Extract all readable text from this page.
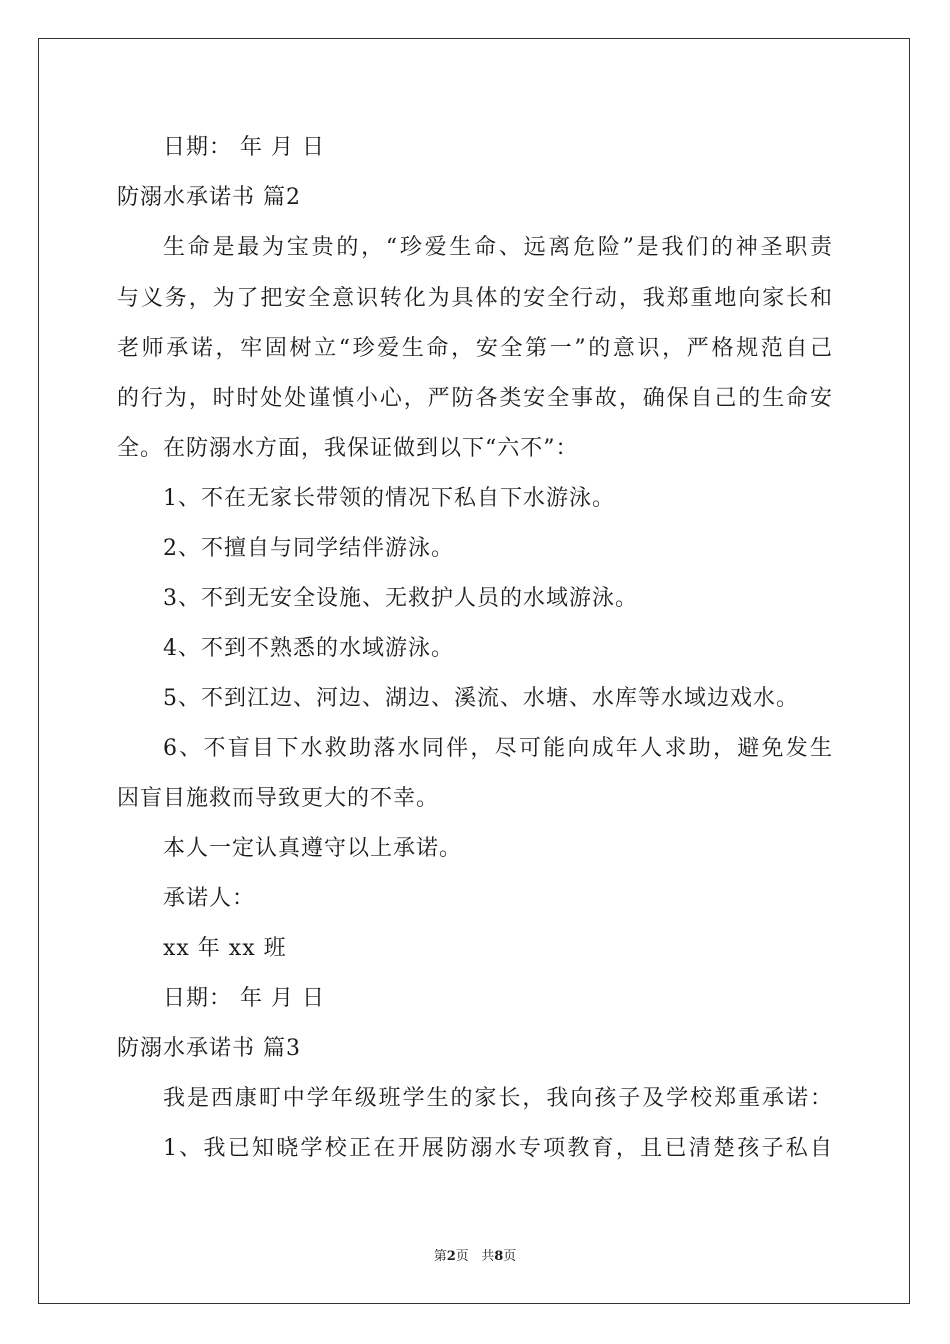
日期： 年 月 日
防溺水承诺书 篇2
生命是最为宝贵的，“珍爱生命、远离危险”是我们的神圣职责
与义务，为了把安全意识转化为具体的安全行动，我郑重地向家长和
老师承诺，牢固树立“珍爱生命，安全第一”的意识，严格规范自己
的行为，时时处处谨慎小心，严防各类安全事故，确保自己的生命安
全。在防溺水方面，我保证做到以下“六不”：
1、不在无家长带领的情况下私自下水游泳。
2、不擅自与同学结伴游泳。
3、不到无安全设施、无救护人员的水域游泳。
4、不到不熟悉的水域游泳。
5、不到江边、河边、湖边、溪流、水塘、水库等水域边戏水。
6、不盲目下水救助落水同伴，尽可能向成年人求助，避免发生
因盲目施救而导致更大的不幸。
本人一定认真遵守以上承诺。
承诺人：
xx 年 xx 班
日期： 年 月 日
防溺水承诺书 篇3
我是西康町中学年级班学生的家长，我向孩子及学校郑重承诺：
1、我已知晓学校正在开展防溺水专项教育，且已清楚孩子私自
第2页   共8页
